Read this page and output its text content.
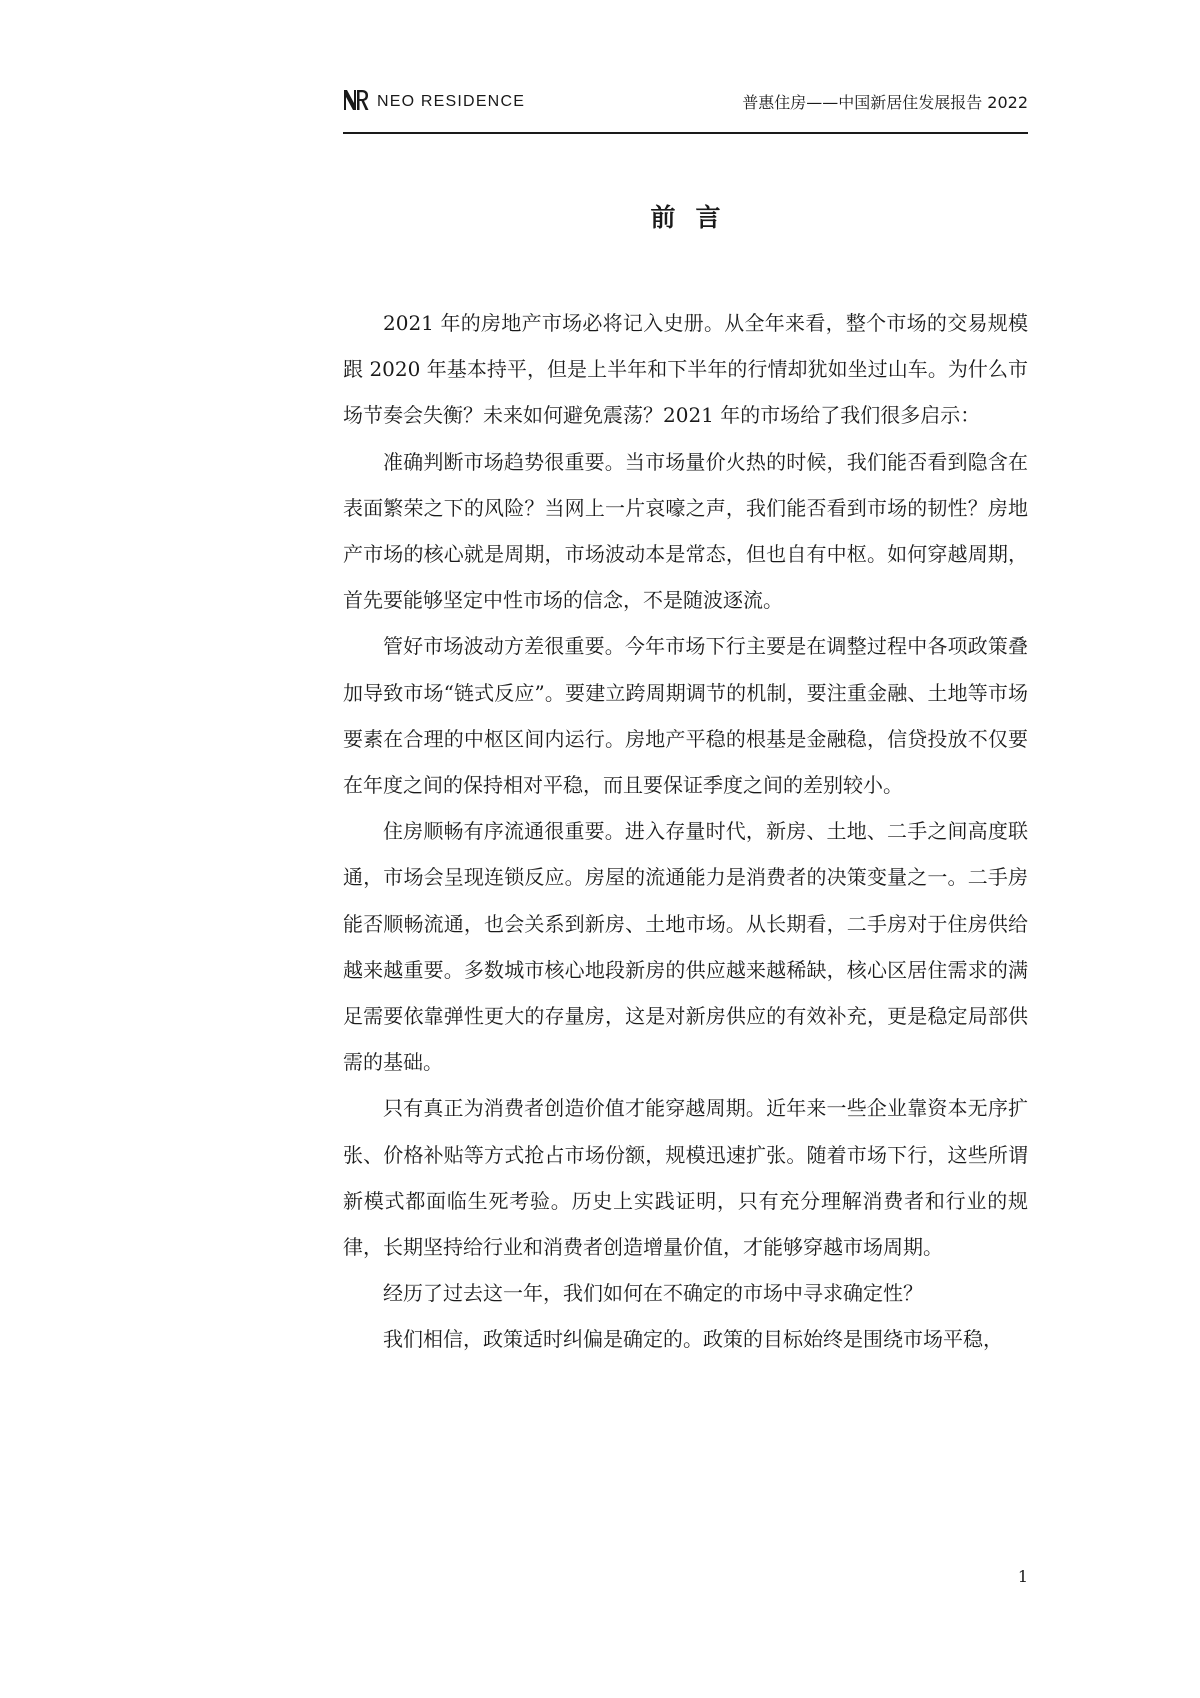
NEO RESIDENCE	普惠住房——中国新居住发展报告 2022
前言

2021 年的房地产市场必将记入史册。从全年来看，整个市场的交易规模跟 2020 年基本持平，但是上半年和下半年的行情却犹如坐过山车。为什么市场节奏会失衡？未来如何避免震荡？2021 年的市场给了我们很多启示：

准确判断市场趋势很重要。当市场量价火热的时候，我们能否看到隐含在表面繁荣之下的风险？当网上一片哀嚎之声，我们能否看到市场的韧性？房地产市场的核心就是周期，市场波动本是常态，但也自有中枢。如何穿越周期，首先要能够坚定中性市场的信念，不是随波逐流。

管好市场波动方差很重要。今年市场下行主要是在调整过程中各项政策叠加导致市场“链式反应”。要建立跨周期调节的机制，要注重金融、土地等市场要素在合理的中枢区间内运行。房地产平稳的根基是金融稳，信贷投放不仅要在年度之间的保持相对平稳，而且要保证季度之间的差别较小。

住房顺畅有序流通很重要。进入存量时代，新房、土地、二手之间高度联通，市场会呈现连锁反应。房屋的流通能力是消费者的决策变量之一。二手房能否顺畅流通，也会关系到新房、土地市场。从长期看，二手房对于住房供给越来越重要。多数城市核心地段新房的供应越来越稀缺，核心区居住需求的满足需要依靠弹性更大的存量房，这是对新房供应的有效补充，更是稳定局部供需的基础。

只有真正为消费者创造价值才能穿越周期。近年来一些企业靠资本无序扩张、价格补贴等方式抢占市场份额，规模迅速扩张。随着市场下行，这些所谓新模式都面临生死考验。历史上实践证明，只有充分理解消费者和行业的规律，长期坚持给行业和消费者创造增量价值，才能够穿越市场周期。

经历了过去这一年，我们如何在不确定的市场中寻求确定性？

我们相信，政策适时纠偏是确定的。政策的目标始终是围绕市场平稳，

1
